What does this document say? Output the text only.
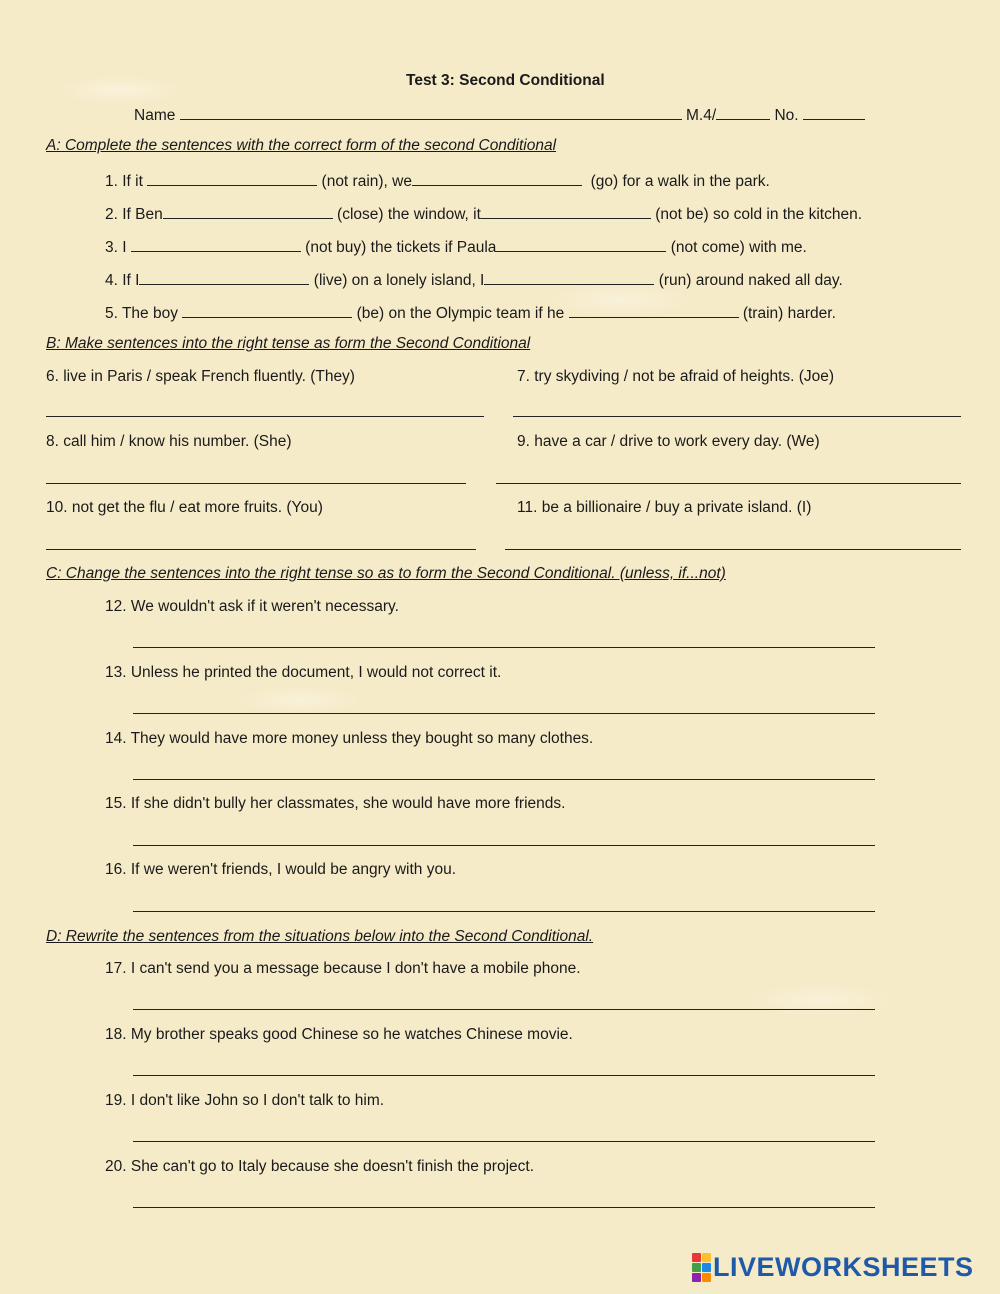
Test 3: Second Conditional
Name	M.4/	No.
A: Complete the sentences with the correct form of the second Conditional
1. If it	(not rain), we	(go) for a walk in the park.
2. If Ben	(close) the window, it	(not be) so cold in the kitchen.
3. I	(not buy) the tickets if Paula	(not come) with me.
4. If I	(live) on a lonely island, I	(run) around naked all day.
5. The boy	(be) on the Olympic team if he	(train) harder.
B: Make sentences into the right tense as form the Second Conditional
6. live in Paris / speak French fluently. (They)	7. try skydiving / not be afraid of heights. (Joe)
8. call him / know his number. (She)	9. have a car / drive to work every day. (We)
10. not get the flu / eat more fruits. (You)	11. be a billionaire / buy a private island. (I)
C: Change the sentences into the right tense so as to form the Second Conditional. (unless, if...not)
12. We wouldn't ask if it weren't necessary.
13. Unless he printed the document, I would not correct it.
14. They would have more money unless they bought so many clothes.
15. If she didn't bully her classmates, she would have more friends.
16. If we weren't friends, I would be angry with you.
D: Rewrite the sentences from the situations below into the Second Conditional.
17. I can't send you a message because I don't have a mobile phone.
18. My brother speaks good Chinese so he watches Chinese movie.
19. I don't like John so I don't talk to him.
20. She can't go to Italy because she doesn't finish the project.
LIVEWORKSHEETS
